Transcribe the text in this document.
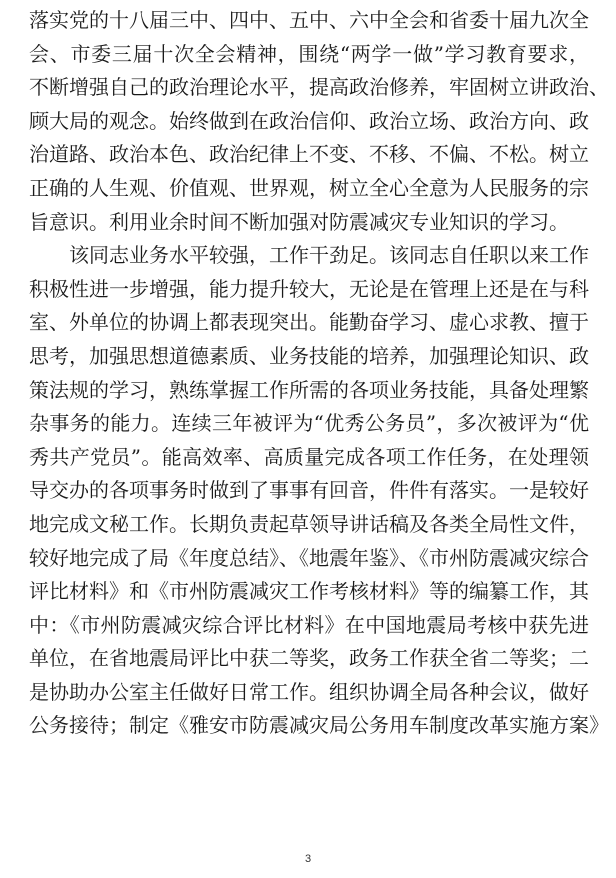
落实党的十八届三中、四中、五中、六中全会和省委十届九次全
会、市委三届十次全会精神，围绕“两学一做”学习教育要求，
不断增强自己的政治理论水平，提高政治修养，牢固树立讲政治、
顾大局的观念。始终做到在政治信仰、政治立场、政治方向、政
治道路、政治本色、政治纪律上不变、不移、不偏、不松。树立
正确的人生观、价值观、世界观，树立全心全意为人民服务的宗
旨意识。利用业余时间不断加强对防震减灾专业知识的学习。
该同志业务水平较强，工作干劲足。该同志自任职以来工作
积极性进一步增强，能力提升较大，无论是在管理上还是在与科
室、外单位的协调上都表现突出。能勤奋学习、虚心求教、擅于
思考，加强思想道德素质、业务技能的培养，加强理论知识、政
策法规的学习，熟练掌握工作所需的各项业务技能，具备处理繁
杂事务的能力。连续三年被评为“优秀公务员”，多次被评为“优
秀共产党员”。能高效率、高质量完成各项工作任务，在处理领
导交办的各项事务时做到了事事有回音，件件有落实。一是较好
地完成文秘工作。长期负责起草领导讲话稿及各类全局性文件，
较好地完成了局《年度总结》、《地震年鉴》、《市州防震减灾综合
评比材料》和《市州防震减灾工作考核材料》等的编纂工作，其
中：《市州防震减灾综合评比材料》在中国地震局考核中获先进
单位，在省地震局评比中获二等奖，政务工作获全省二等奖；二
是协助办公室主任做好日常工作。组织协调全局各种会议，做好
公务接待；制定《雅安市防震减灾局公务用车制度改革实施方案》
3
